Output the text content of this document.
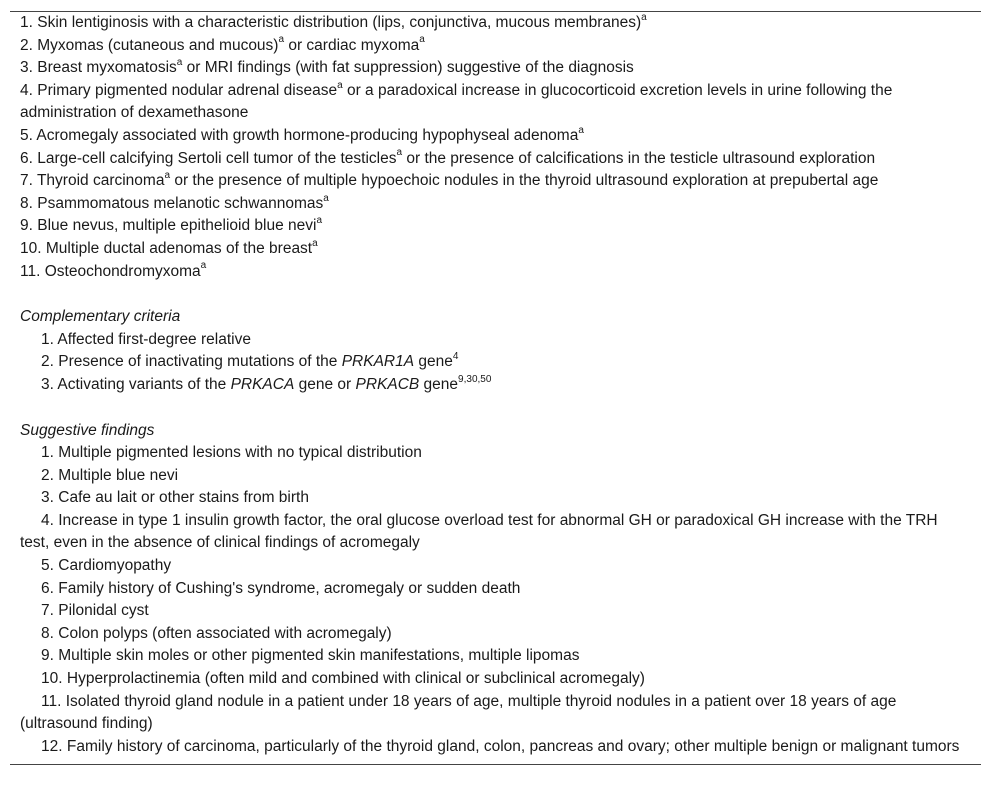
1. Skin lentiginosis with a characteristic distribution (lips, conjunctiva, mucous membranes)$^a$
2. Myxomas (cutaneous and mucous)$^a$ or cardiac myxoma$^a$
3. Breast myxomatosis$^a$ or MRI findings (with fat suppression) suggestive of the diagnosis
4. Primary pigmented nodular adrenal disease$^a$ or a paradoxical increase in glucocorticoid excretion levels in urine following the administration of dexamethasone
5. Acromegaly associated with growth hormone-producing hypophyseal adenoma$^a$
6. Large-cell calcifying Sertoli cell tumor of the testicles$^a$ or the presence of calcifications in the testicle ultrasound exploration
7. Thyroid carcinoma$^a$ or the presence of multiple hypoechoic nodules in the thyroid ultrasound exploration at prepubertal age
8. Psammomatous melanotic schwannomas$^a$
9. Blue nevus, multiple epithelioid blue nevi$^a$
10. Multiple ductal adenomas of the breast$^a$
11. Osteochondromyxoma$^a$
Complementary criteria
1. Affected first-degree relative
2. Presence of inactivating mutations of the PRKAR1A gene$^4$
3. Activating variants of the PRKACA gene or PRKACB gene$^{9,30,50}$
Suggestive findings
1. Multiple pigmented lesions with no typical distribution
2. Multiple blue nevi
3. Cafe au lait or other stains from birth
4. Increase in type 1 insulin growth factor, the oral glucose overload test for abnormal GH or paradoxical GH increase with the TRH test, even in the absence of clinical findings of acromegaly
5. Cardiomyopathy
6. Family history of Cushing's syndrome, acromegaly or sudden death
7. Pilonidal cyst
8. Colon polyps (often associated with acromegaly)
9. Multiple skin moles or other pigmented skin manifestations, multiple lipomas
10. Hyperprolactinemia (often mild and combined with clinical or subclinical acromegaly)
11. Isolated thyroid gland nodule in a patient under 18 years of age, multiple thyroid nodules in a patient over 18 years of age (ultrasound finding)
12. Family history of carcinoma, particularly of the thyroid gland, colon, pancreas and ovary; other multiple benign or malignant tumors
